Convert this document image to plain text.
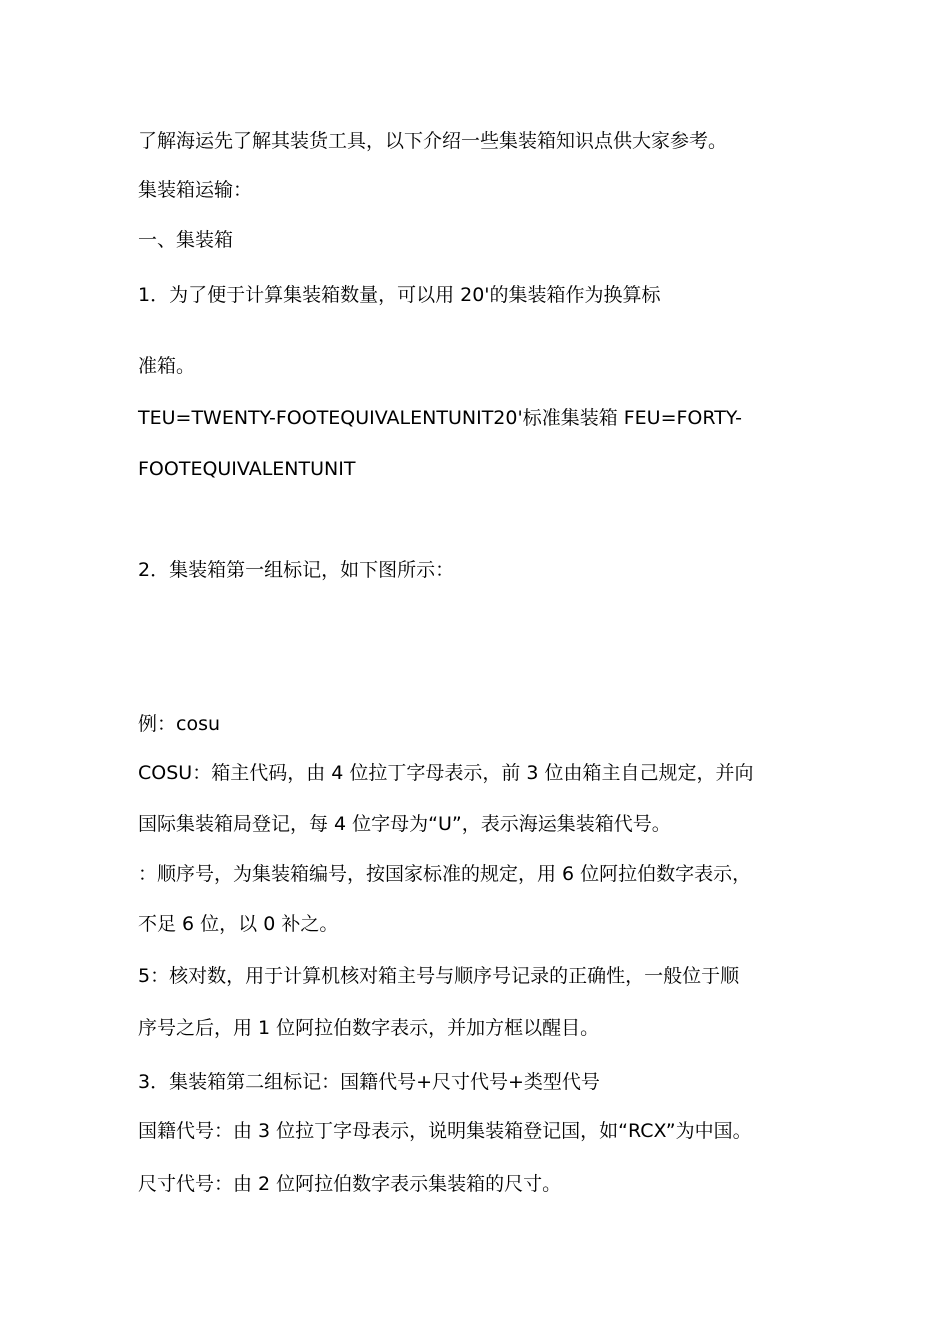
了解海运先了解其装货工具，以下介绍一些集装箱知识点供大家参考。
集装箱运输：
一、集装箱
1．为了便于计算集装箱数量，可以用 20'的集装箱作为换算标
准箱。
TEU=TWENTY-FOOTEQUIVALENTUNIT20'标准集装箱 FEU=FORTY-
FOOTEQUIVALENTUNIT
2．集装箱第一组标记，如下图所示：
例：cosu
COSU：箱主代码，由 4 位拉丁字母表示，前 3 位由箱主自己规定，并向
国际集装箱局登记，每 4 位字母为“U”，表示海运集装箱代号。
：顺序号，为集装箱编号，按国家标准的规定，用 6 位阿拉伯数字表示，
不足 6 位，以 0 补之。
5：核对数，用于计算机核对箱主号与顺序号记录的正确性，一般位于顺
序号之后，用 1 位阿拉伯数字表示，并加方框以醒目。
3．集装箱第二组标记：国籍代号+尺寸代号+类型代号
国籍代号：由 3 位拉丁字母表示，说明集装箱登记国，如“RCX”为中国。
尺寸代号：由 2 位阿拉伯数字表示集装箱的尺寸。
